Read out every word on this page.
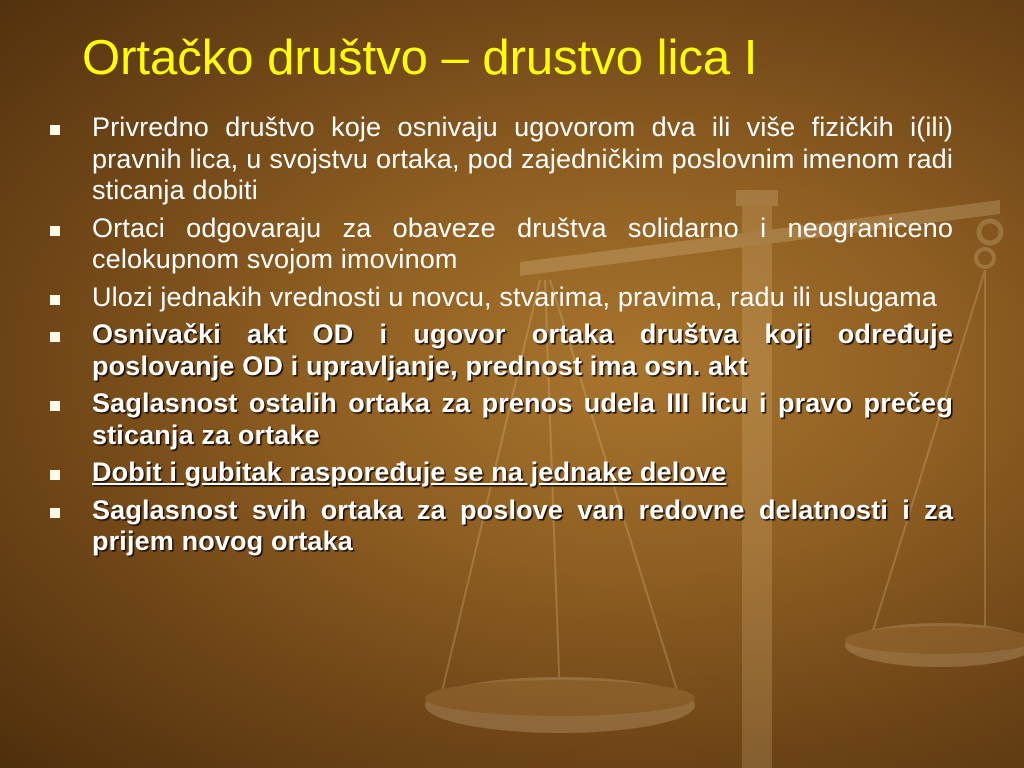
Ortačko društvo – drustvo lica I
Privredno društvo koje osnivaju ugovorom dva ili više fizičkih i(ili) pravnih lica, u svojstvu ortaka, pod zajedničkim poslovnim imenom radi sticanja dobiti
Ortaci odgovaraju za obaveze društva solidarno i neograniceno celokupnom svojom imovinom
Ulozi jednakih vrednosti u novcu, stvarima, pravima, radu ili uslugama
Osnivački akt OD i ugovor ortaka društva koji određuje poslovanje OD i upravljanje, prednost ima osn. akt
Saglasnost ostalih ortaka za prenos udela III licu i pravo prečeg sticanja za ortake
Dobit i gubitak raspoređuje se na jednake delove
Saglasnost svih ortaka za poslove van redovne delatnosti i za prijem novog ortaka
